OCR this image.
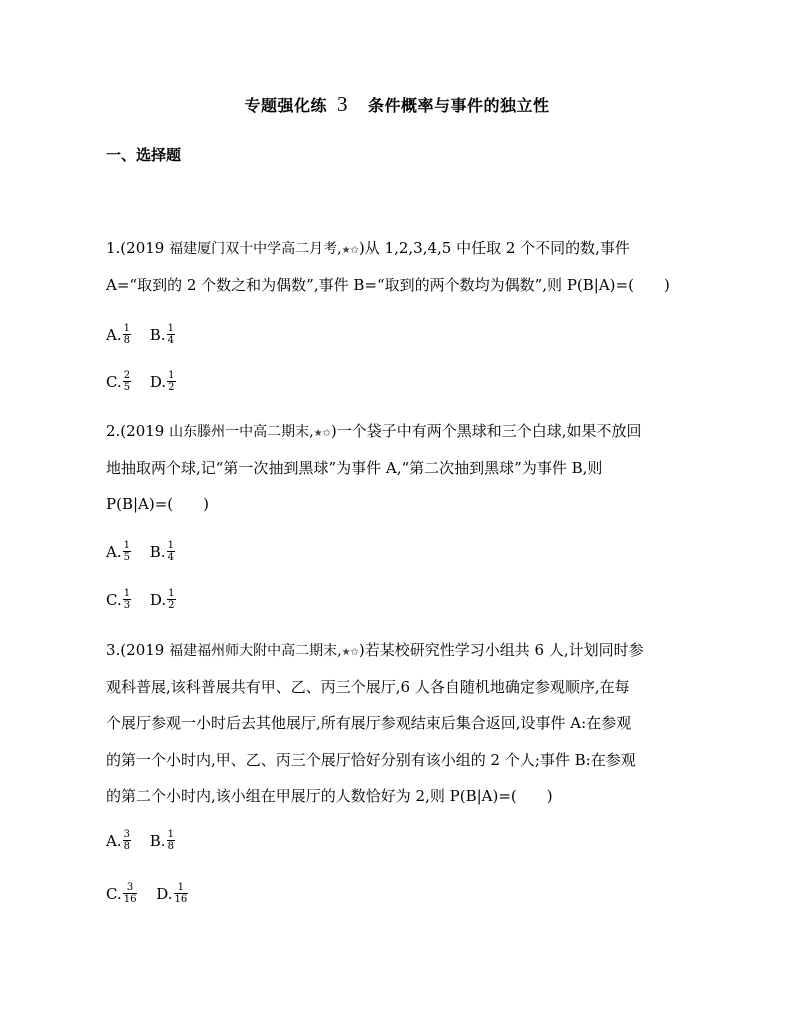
专题强化练 3 条件概率与事件的独立性
一、选择题
1.(2019 福建厦门双十中学高二月考,★✩)从 1,2,3,4,5 中任取 2 个不同的数,事件
A=“取到的 2 个数之和为偶数”,事件 B=“取到的两个数均为偶数”,则 P(B|A)=(　　)
A. $\frac{1}{8}$
B. $\frac{1}{4}$
C. $\frac{2}{5}$
D. $\frac{1}{2}$
2.(2019 山东滕州一中高二期末,★✩)一个袋子中有两个黑球和三个白球,如果不放回
地抽取两个球,记“第一次抽到黑球”为事件 A,“第二次抽到黑球”为事件 B,则
P(B|A)=(　　)
A. $\frac{1}{5}$
B. $\frac{1}{4}$
C. $\frac{1}{3}$
D. $\frac{1}{2}$
3.(2019 福建福州师大附中高二期末,★✩)若某校研究性学习小组共 6 人,计划同时参
观科普展,该科普展共有甲、乙、丙三个展厅,6 人各自随机地确定参观顺序,在每
个展厅参观一小时后去其他展厅,所有展厅参观结束后集合返回,设事件 A:在参观
的第一个小时内,甲、乙、丙三个展厅恰好分别有该小组的 2 个人;事件 B:在参观
的第二个小时内,该小组在甲展厅的人数恰好为 2,则 P(B|A)=(　　)
A. $\frac{3}{8}$
B. $\frac{1}{8}$
C. $\frac{3}{16}$
D. $\frac{1}{16}$
